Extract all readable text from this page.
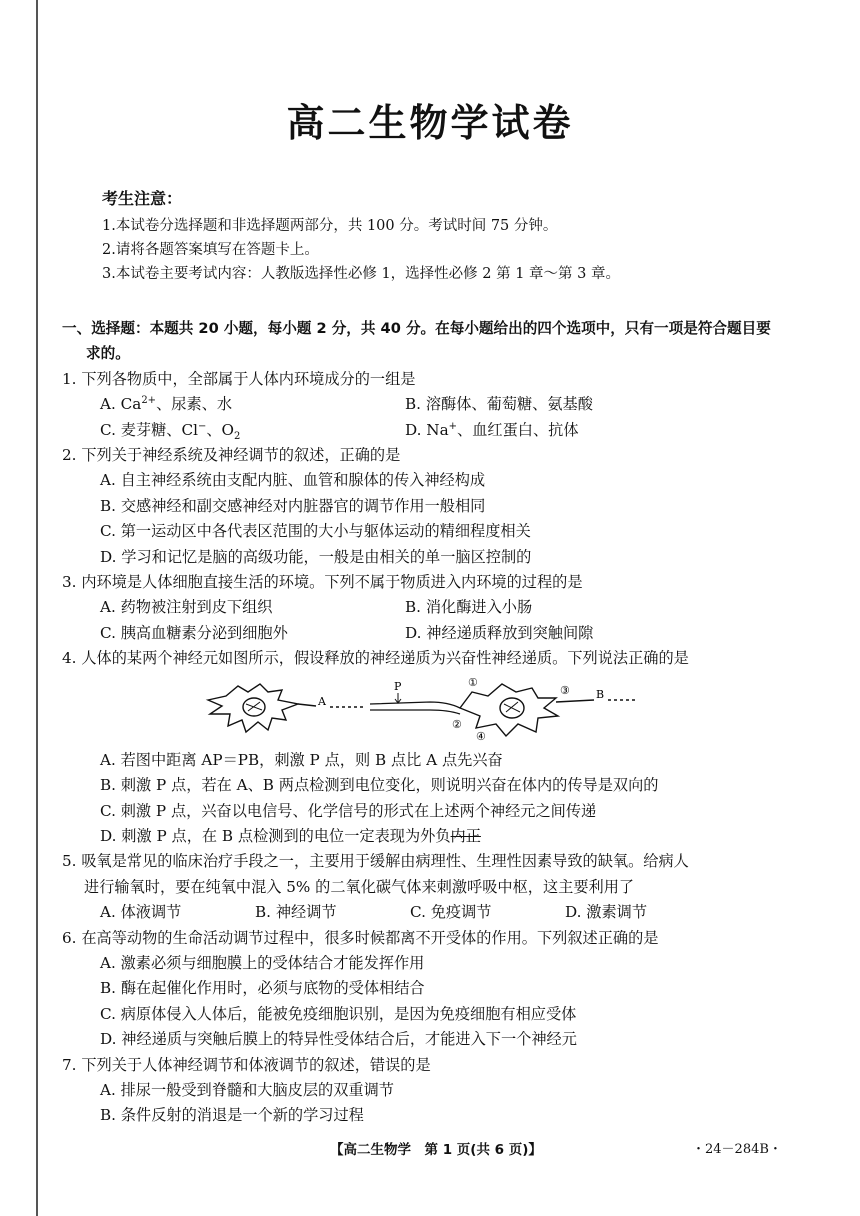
高二生物学试卷
考生注意：
1.本试卷分选择题和非选择题两部分，共 100 分。考试时间 75 分钟。
2.请将各题答案填写在答题卡上。
3.本试卷主要考试内容：人教版选择性必修 1，选择性必修 2 第 1 章～第 3 章。
一、选择题：本题共 20 小题，每小题 2 分，共 40 分。在每小题给出的四个选项中，只有一项是符合题目要求的。
1. 下列各物质中，全部属于人体内环境成分的一组是
A. $Ca^{2+}$、尿素、水	B. 溶酶体、葡萄糖、氨基酸
C. 麦芽糖、Cl−、$O_2$	D. Na+、血红蛋白、抗体
2. 下列关于神经系统及神经调节的叙述，正确的是
A. 自主神经系统由支配内脏、血管和腺体的传入神经构成
B. 交感神经和副交感神经对内脏器官的调节作用一般相同
C. 第一运动区中各代表区范围的大小与躯体运动的精细程度相关
D. 学习和记忆是脑的高级功能，一般是由相关的单一脑区控制的
3. 内环境是人体细胞直接生活的环境。下列不属于物质进入内环境的过程的是
A. 药物被注射到皮下组织	B. 消化酶进入小肠
C. 胰高血糖素分泌到细胞外	D. 神经递质释放到突触间隙
4. 人体的某两个神经元如图所示，假设释放的神经递质为兴奋性神经递质。下列说法正确的是
A
P	①
②
③
④
B
A. 若图中距离 AP＝PB，刺激 P 点，则 B 点比 A 点先兴奋
B. 刺激 P 点，若在 A、B 两点检测到电位变化，则说明兴奋在体内的传导是双向的
C. 刺激 P 点，兴奋以电信号、化学信号的形式在上述两个神经元之间传递
D. 刺激 P 点，在 B 点检测到的电位一定表现为外负内正
5. 吸氧是常见的临床治疗手段之一，主要用于缓解由病理性、生理性因素导致的缺氧。给病人
进行输氧时，要在纯氧中混入 5% 的二氧化碳气体来刺激呼吸中枢，这主要利用了
A. 体液调节	B. 神经调节	C. 免疫调节	D. 激素调节
6. 在高等动物的生命活动调节过程中，很多时候都离不开受体的作用。下列叙述正确的是
A. 激素必须与细胞膜上的受体结合才能发挥作用
B. 酶在起催化作用时，必须与底物的受体相结合
C. 病原体侵入人体后，能被免疫细胞识别，是因为免疫细胞有相应受体
D. 神经递质与突触后膜上的特异性受体结合后，才能进入下一个神经元
7. 下列关于人体神经调节和体液调节的叙述，错误的是
A. 排尿一般受到脊髓和大脑皮层的双重调节
B. 条件反射的消退是一个新的学习过程
【高二生物学　第 1 页(共 6 页)】	・24－284B・
